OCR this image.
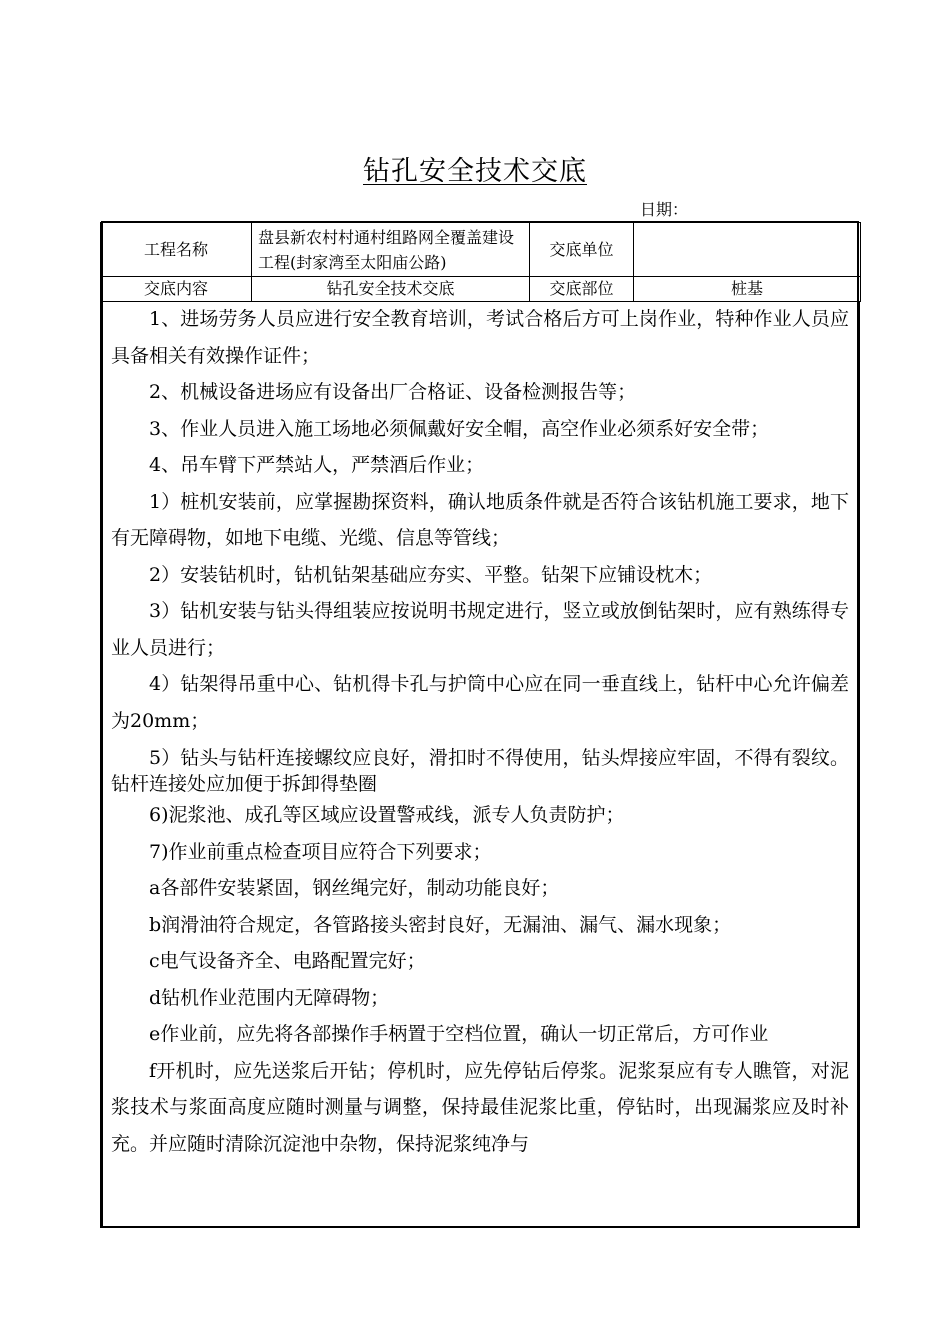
钻孔安全技术交底
日期：
工程名称	盘县新农村村通村组路网全覆盖建设工程(封家湾至太阳庙公路)	交底单位	
交底内容	钻孔安全技术交底	交底部位	桩基

1、进场劳务人员应进行安全教育培训，考试合格后方可上岗作业，特种作业人员应具备相关有效操作证件；

2、机械设备进场应有设备出厂合格证、设备检测报告等；

3、作业人员进入施工场地必须佩戴好安全帽，高空作业必须系好安全带；

4、吊车臂下严禁站人，严禁酒后作业；

1）桩机安装前，应掌握勘探资料，确认地质条件就是否符合该钻机施工要求，地下有无障碍物，如地下电缆、光缆、信息等管线；

2）安装钻机时，钻机钻架基础应夯实、平整。钻架下应铺设枕木；

3）钻机安装与钻头得组装应按说明书规定进行，竖立或放倒钻架时，应有熟练得专业人员进行；

4）钻架得吊重中心、钻机得卡孔与护筒中心应在同一垂直线上，钻杆中心允许偏差为20mm；

5）钻头与钻杆连接螺纹应良好，滑扣时不得使用，钻头焊接应牢固，不得有裂纹。钻杆连接处应加便于拆卸得垫圈

6)泥浆池、成孔等区域应设置警戒线，派专人负责防护；

7)作业前重点检查项目应符合下列要求；

a各部件安装紧固，钢丝绳完好，制动功能良好；

b润滑油符合规定，各管路接头密封良好，无漏油、漏气、漏水现象；

c电气设备齐全、电路配置完好；

d钻机作业范围内无障碍物；

e作业前，应先将各部操作手柄置于空档位置，确认一切正常后，方可作业

f开机时，应先送浆后开钻；停机时，应先停钻后停浆。泥浆泵应有专人瞧管，对泥浆技术与浆面高度应随时测量与调整，保持最佳泥浆比重，停钻时，出现漏浆应及时补充。并应随时清除沉淀池中杂物，保持泥浆纯净与
